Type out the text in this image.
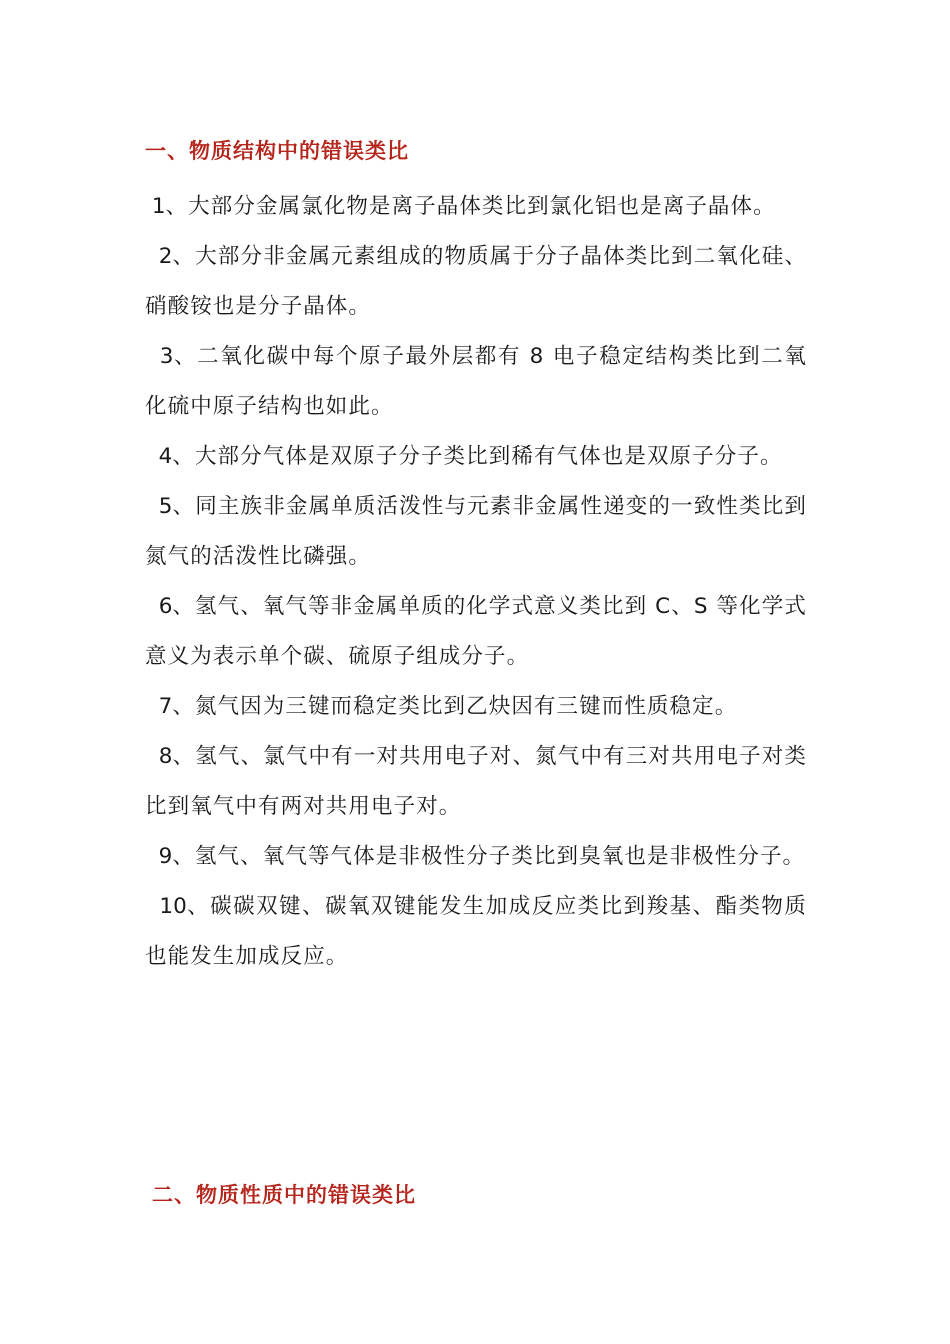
一、物质结构中的错误类比

1、大部分金属氯化物是离子晶体类比到氯化铝也是离子晶体。

2、大部分非金属元素组成的物质属于分子晶体类比到二氧化硅、硝酸铵也是分子晶体。

3、二氧化碳中每个原子最外层都有 8 电子稳定结构类比到二氧化硫中原子结构也如此。

4、大部分气体是双原子分子类比到稀有气体也是双原子分子。

5、同主族非金属单质活泼性与元素非金属性递变的一致性类比到氮气的活泼性比磷强。

6、氢气、氧气等非金属单质的化学式意义类比到 C、S 等化学式意义为表示单个碳、硫原子组成分子。

7、氮气因为三键而稳定类比到乙炔因有三键而性质稳定。

8、氢气、氯气中有一对共用电子对、氮气中有三对共用电子对类比到氧气中有两对共用电子对。

9、氢气、氧气等气体是非极性分子类比到臭氧也是非极性分子。

10、碳碳双键、碳氧双键能发生加成反应类比到羧基、酯类物质也能发生加成反应。

二、物质性质中的错误类比
